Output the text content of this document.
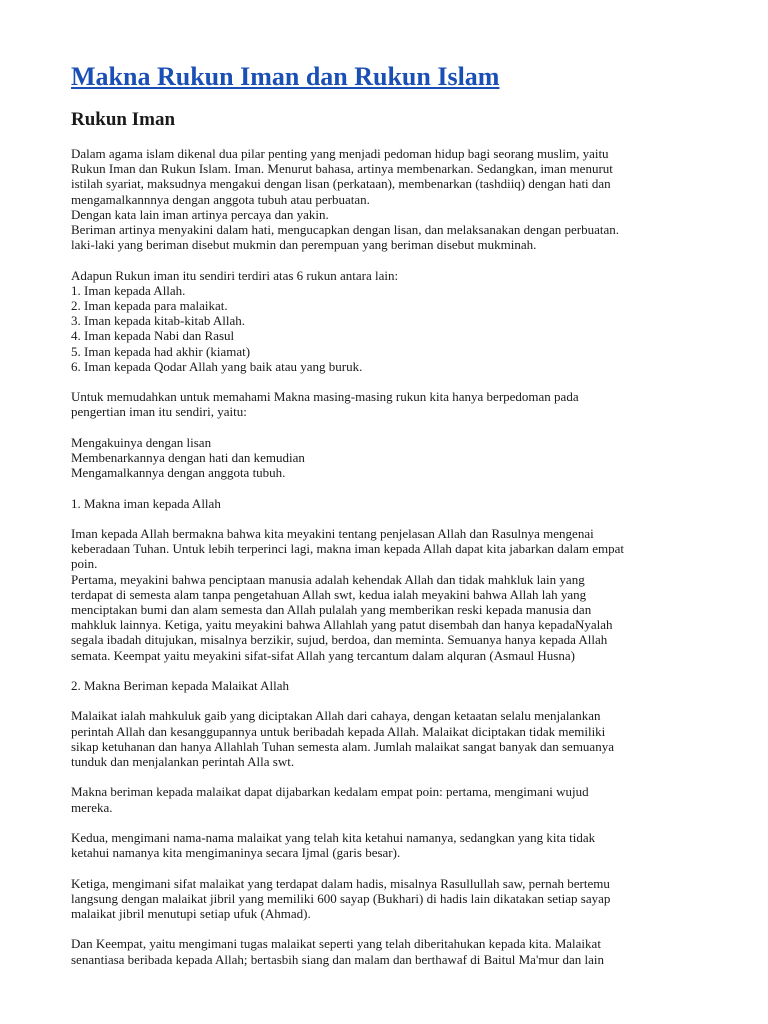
Makna Rukun Iman dan Rukun Islam
Rukun Iman

Dalam agama islam dikenal dua pilar penting yang menjadi pedoman hidup bagi seorang muslim, yaitu
Rukun Iman dan Rukun Islam. Iman. Menurut bahasa, artinya membenarkan. Sedangkan, iman menurut
istilah syariat, maksudnya mengakui dengan lisan (perkataan), membenarkan (tashdiiq) dengan hati dan
mengamalkannnya dengan anggota tubuh atau perbuatan.
Dengan kata lain iman artinya percaya dan yakin.
Beriman artinya menyakini dalam hati, mengucapkan dengan lisan, dan melaksanakan dengan perbuatan.
laki-laki yang beriman disebut mukmin dan perempuan yang beriman disebut mukminah.

Adapun Rukun iman itu sendiri terdiri atas 6 rukun antara lain:
1. Iman kepada Allah.
2. Iman kepada para malaikat.
3. Iman kepada kitab-kitab Allah.
4. Iman kepada Nabi dan Rasul
5. Iman kepada had akhir (kiamat)
6. Iman kepada Qodar Allah yang baik atau yang buruk.

Untuk memudahkan untuk memahami Makna masing-masing rukun kita hanya berpedoman pada
pengertian iman itu sendiri, yaitu:

Mengakuinya dengan lisan
Membenarkannya dengan hati dan kemudian
Mengamalkannya dengan anggota tubuh.

1. Makna iman kepada Allah

Iman kepada Allah bermakna bahwa kita meyakini tentang penjelasan Allah dan Rasulnya mengenai
keberadaan Tuhan. Untuk lebih terperinci lagi, makna iman kepada Allah dapat kita jabarkan dalam empat
poin.
Pertama, meyakini bahwa penciptaan manusia adalah kehendak Allah dan tidak mahkluk lain yang
terdapat di semesta alam tanpa pengetahuan Allah swt, kedua ialah meyakini bahwa Allah lah yang
menciptakan bumi dan alam semesta dan Allah pulalah yang memberikan reski kepada manusia dan
mahkluk lainnya. Ketiga, yaitu meyakini bahwa Allahlah yang patut disembah dan hanya kepadaNyalah
segala ibadah ditujukan, misalnya berzikir, sujud, berdoa, dan meminta. Semuanya hanya kepada Allah
semata. Keempat yaitu meyakini sifat-sifat Allah yang tercantum dalam alquran (Asmaul Husna)

2. Makna Beriman kepada Malaikat Allah

Malaikat ialah mahkuluk gaib yang diciptakan Allah dari cahaya, dengan ketaatan selalu menjalankan
perintah Allah dan kesanggupannya untuk beribadah kepada Allah. Malaikat diciptakan tidak memiliki
sikap ketuhanan dan hanya Allahlah Tuhan semesta alam. Jumlah malaikat sangat banyak dan semuanya
tunduk dan menjalankan perintah Alla swt.

Makna beriman kepada malaikat dapat dijabarkan kedalam empat poin: pertama, mengimani wujud
mereka.

Kedua, mengimani nama-nama malaikat yang telah kita ketahui namanya, sedangkan yang kita tidak
ketahui namanya kita mengimaninya secara Ijmal (garis besar).

Ketiga, mengimani sifat malaikat yang terdapat dalam hadis, misalnya Rasullullah saw, pernah bertemu
langsung dengan malaikat jibril yang memiliki 600 sayap (Bukhari) di hadis lain dikatakan setiap sayap
malaikat jibril menutupi setiap ufuk (Ahmad).

Dan Keempat, yaitu mengimani tugas malaikat seperti yang telah diberitahukan kepada kita. Malaikat
senantiasa beribada kepada Allah; bertasbih siang dan malam dan berthawaf di Baitul Ma'mur dan lain
